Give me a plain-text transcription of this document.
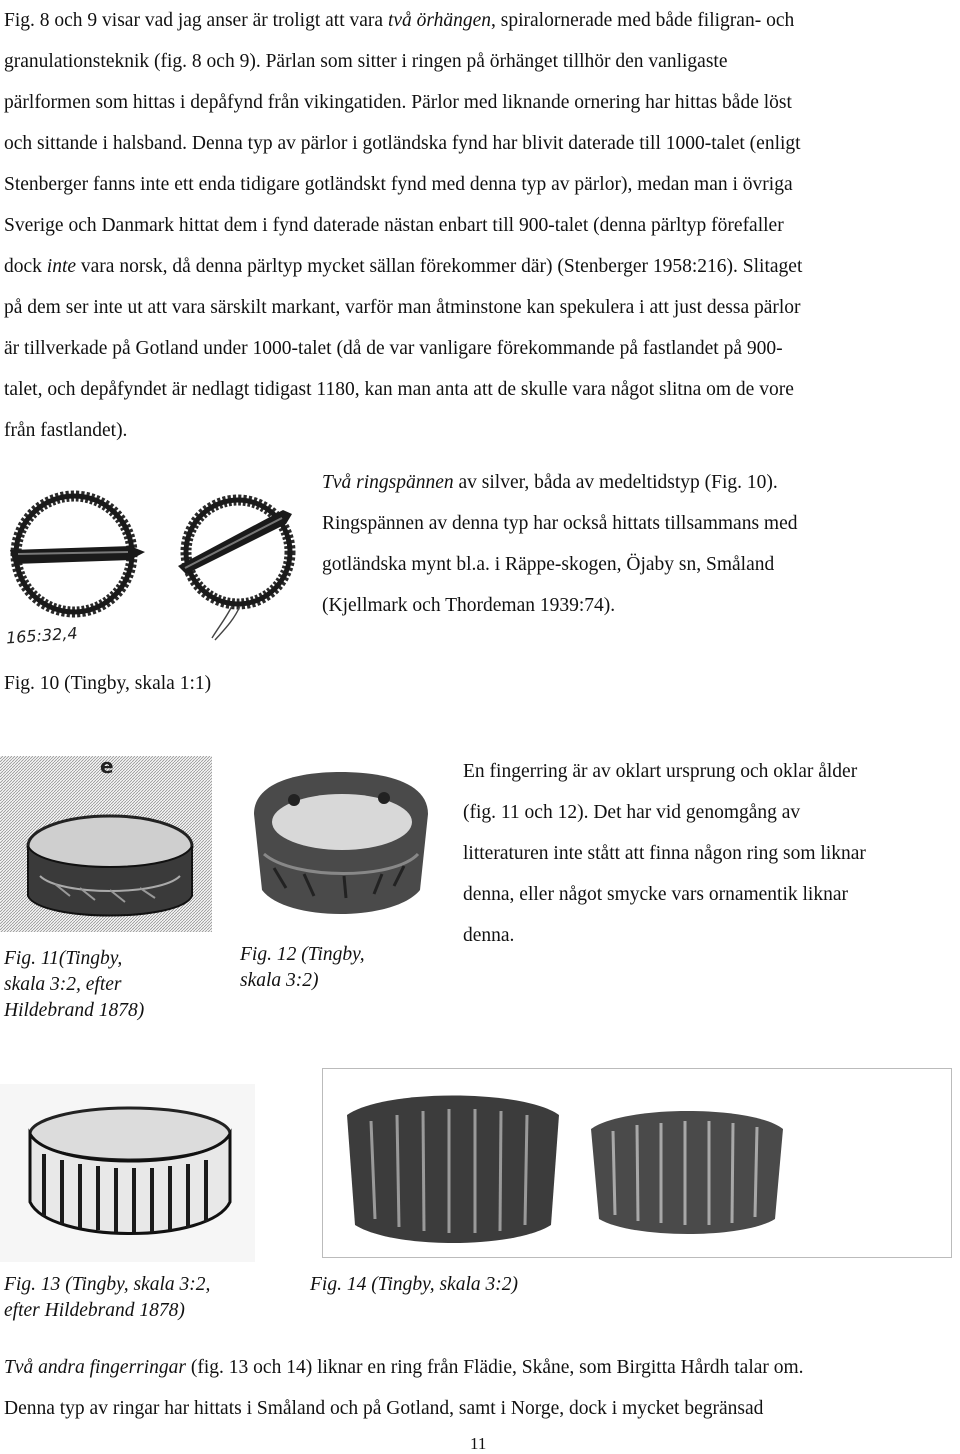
Fig. 8 och 9 visar vad jag anser är troligt att vara två örhängen, spiralornerade med både filigran- och
granulationsteknik (fig. 8 och 9). Pärlan som sitter i ringen på örhänget tillhör den vanligaste
pärlformen som hittas i depåfynd från vikingatiden. Pärlor med liknande ornering har hittas både löst
och sittande i halsband. Denna typ av pärlor i gotländska fynd har blivit daterade till 1000-talet (enligt
Stenberger fanns inte ett enda tidigare gotländskt fynd med denna typ av pärlor), medan man i övriga
Sverige och Danmark hittat dem i fynd daterade nästan enbart till 900-talet (denna pärltyp förefaller
dock inte vara norsk, då denna pärltyp mycket sällan förekommer där) (Stenberger 1958:216). Slitaget
på dem ser inte ut att vara särskilt markant, varför man åtminstone kan spekulera i att just dessa pärlor
är tillverkade på Gotland under 1000-talet (då de var vanligare förekommande på fastlandet på 900-
talet, och depåfyndet är nedlagt tidigast 1180, kan man anta att de skulle vara något slitna om de vore
från fastlandet).

165:32,4

Två ringspännen av silver, båda av medeltidstyp (Fig. 10).
Ringspännen av denna typ har också hittats tillsammans med
gotländska mynt bl.a. i Räppe-skogen, Öjaby sn, Småland
(Kjellmark och Thordeman 1939:74).

Fig. 10 (Tingby, skala 1:1)

e

Fig. 11(Tingby,
skala 3:2, efter
Hildebrand 1878)

Fig. 12 (Tingby,
skala 3:2)

En fingerring är av oklart ursprung och oklar ålder
(fig. 11 och 12). Det har vid genomgång av
litteraturen inte stått att finna någon ring som liknar
denna, eller något smycke vars ornamentik liknar
denna.

Fig. 13 (Tingby, skala 3:2,
efter Hildebrand 1878)

Fig. 14 (Tingby, skala 3:2)

Två andra fingerringar (fig. 13 och 14) liknar en ring från Flädie, Skåne, som Birgitta Hårdh talar om.
Denna typ av ringar har hittats i Småland och på Gotland, samt i Norge, dock i mycket begränsad

11
